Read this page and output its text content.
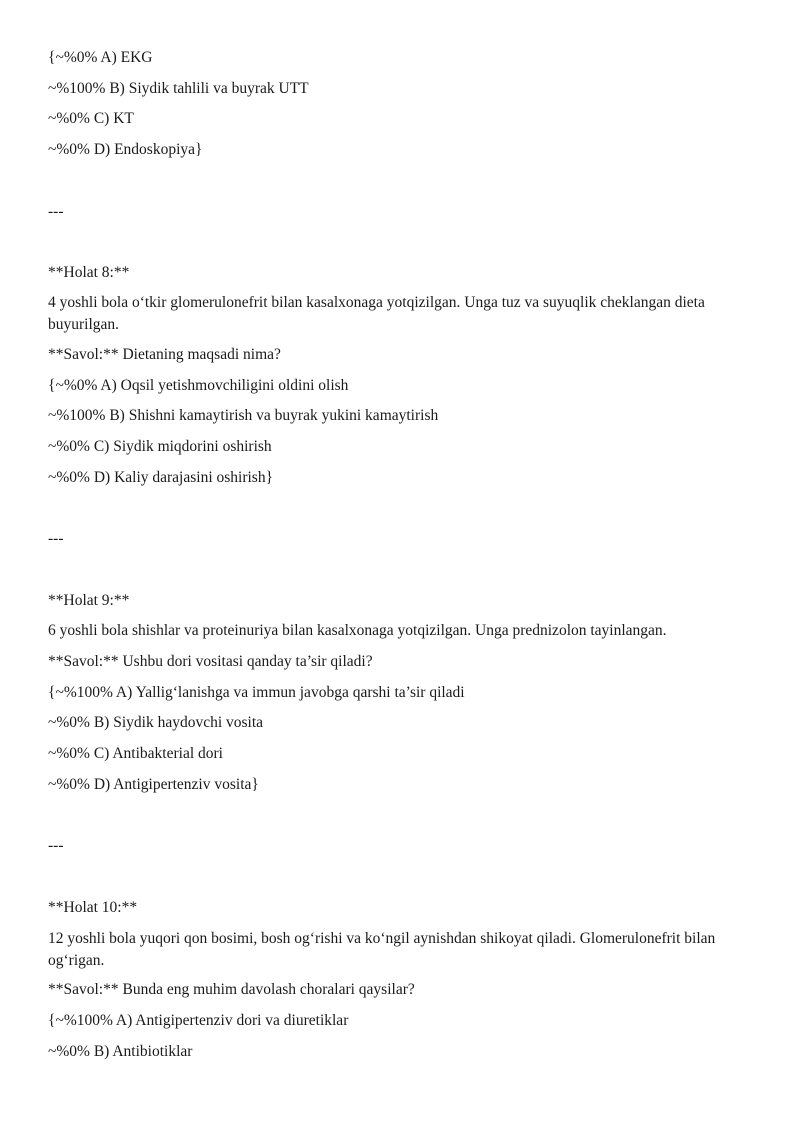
{~%0% A) EKG
~%100% B) Siydik tahlili va buyrak UTT
~%0% C) KT
~%0% D) Endoskopiya}
---
**Holat 8:**
4 yoshli bola o‘tkir glomerulonefrit bilan kasalxonaga yotqizilgan. Unga tuz va suyuqlik cheklangan dieta buyurilgan.
**Savol:** Dietaning maqsadi nima?
{~%0% A) Oqsil yetishmovchiligini oldini olish
~%100% B) Shishni kamaytirish va buyrak yukini kamaytirish
~%0% C) Siydik miqdorini oshirish
~%0% D) Kaliy darajasini oshirish}
---
**Holat 9:**
6 yoshli bola shishlar va proteinuriya bilan kasalxonaga yotqizilgan. Unga prednizolon tayinlangan.
**Savol:** Ushbu dori vositasi qanday ta’sir qiladi?
{~%100% A) Yallig‘lanishga va immun javobga qarshi ta’sir qiladi
~%0% B) Siydik haydovchi vosita
~%0% C) Antibakterial dori
~%0% D) Antigipertenziv vosita}
---
**Holat 10:**
12 yoshli bola yuqori qon bosimi, bosh og‘rishi va ko‘ngil aynishdan shikoyat qiladi. Glomerulonefrit bilan og‘rigan.
**Savol:** Bunda eng muhim davolash choralari qaysilar?
{~%100% A) Antigipertenziv dori va diuretiklar
~%0% B) Antibiotiklar
